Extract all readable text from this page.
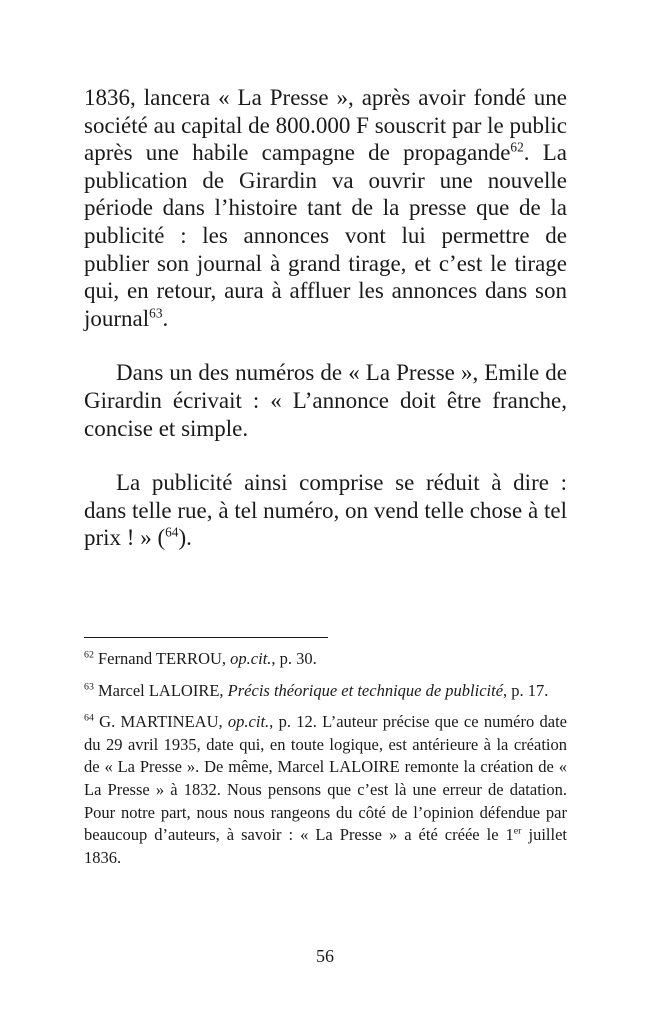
1836, lancera « La Presse », après avoir fondé une société au capital de 800.000 F souscrit par le public après une habile campagne de propagande$^{62}$. La publication de Girardin va ouvrir une nouvelle période dans l’histoire tant de la presse que de la publicité : les annonces vont lui permettre de publier son journal à grand tirage, et c’est le tirage qui, en retour, aura à affluer les annonces dans son journal$^{63}$.

Dans un des numéros de « La Presse », Emile de Girardin écrivait : « L’annonce doit être franche, concise et simple.

La publicité ainsi comprise se réduit à dire : dans telle rue, à tel numéro, on vend telle chose à tel prix ! » ($^{64}$).

$^{62}$ Fernand TERROU, op.cit., p. 30.

$^{63}$ Marcel LALOIRE, Précis théorique et technique de publicité, p. 17.

$^{64}$ G. MARTINEAU, op.cit., p. 12. L’auteur précise que ce numéro date du 29 avril 1935, date qui, en toute logique, est antérieure à la création de « La Presse ». De même, Marcel LALOIRE remonte la création de « La Presse » à 1832. Nous pensons que c’est là une erreur de datation. Pour notre part, nous nous rangeons du côté de l’opinion défendue par beaucoup d’auteurs, à savoir : « La Presse » a été créée le 1er juillet 1836.

56
